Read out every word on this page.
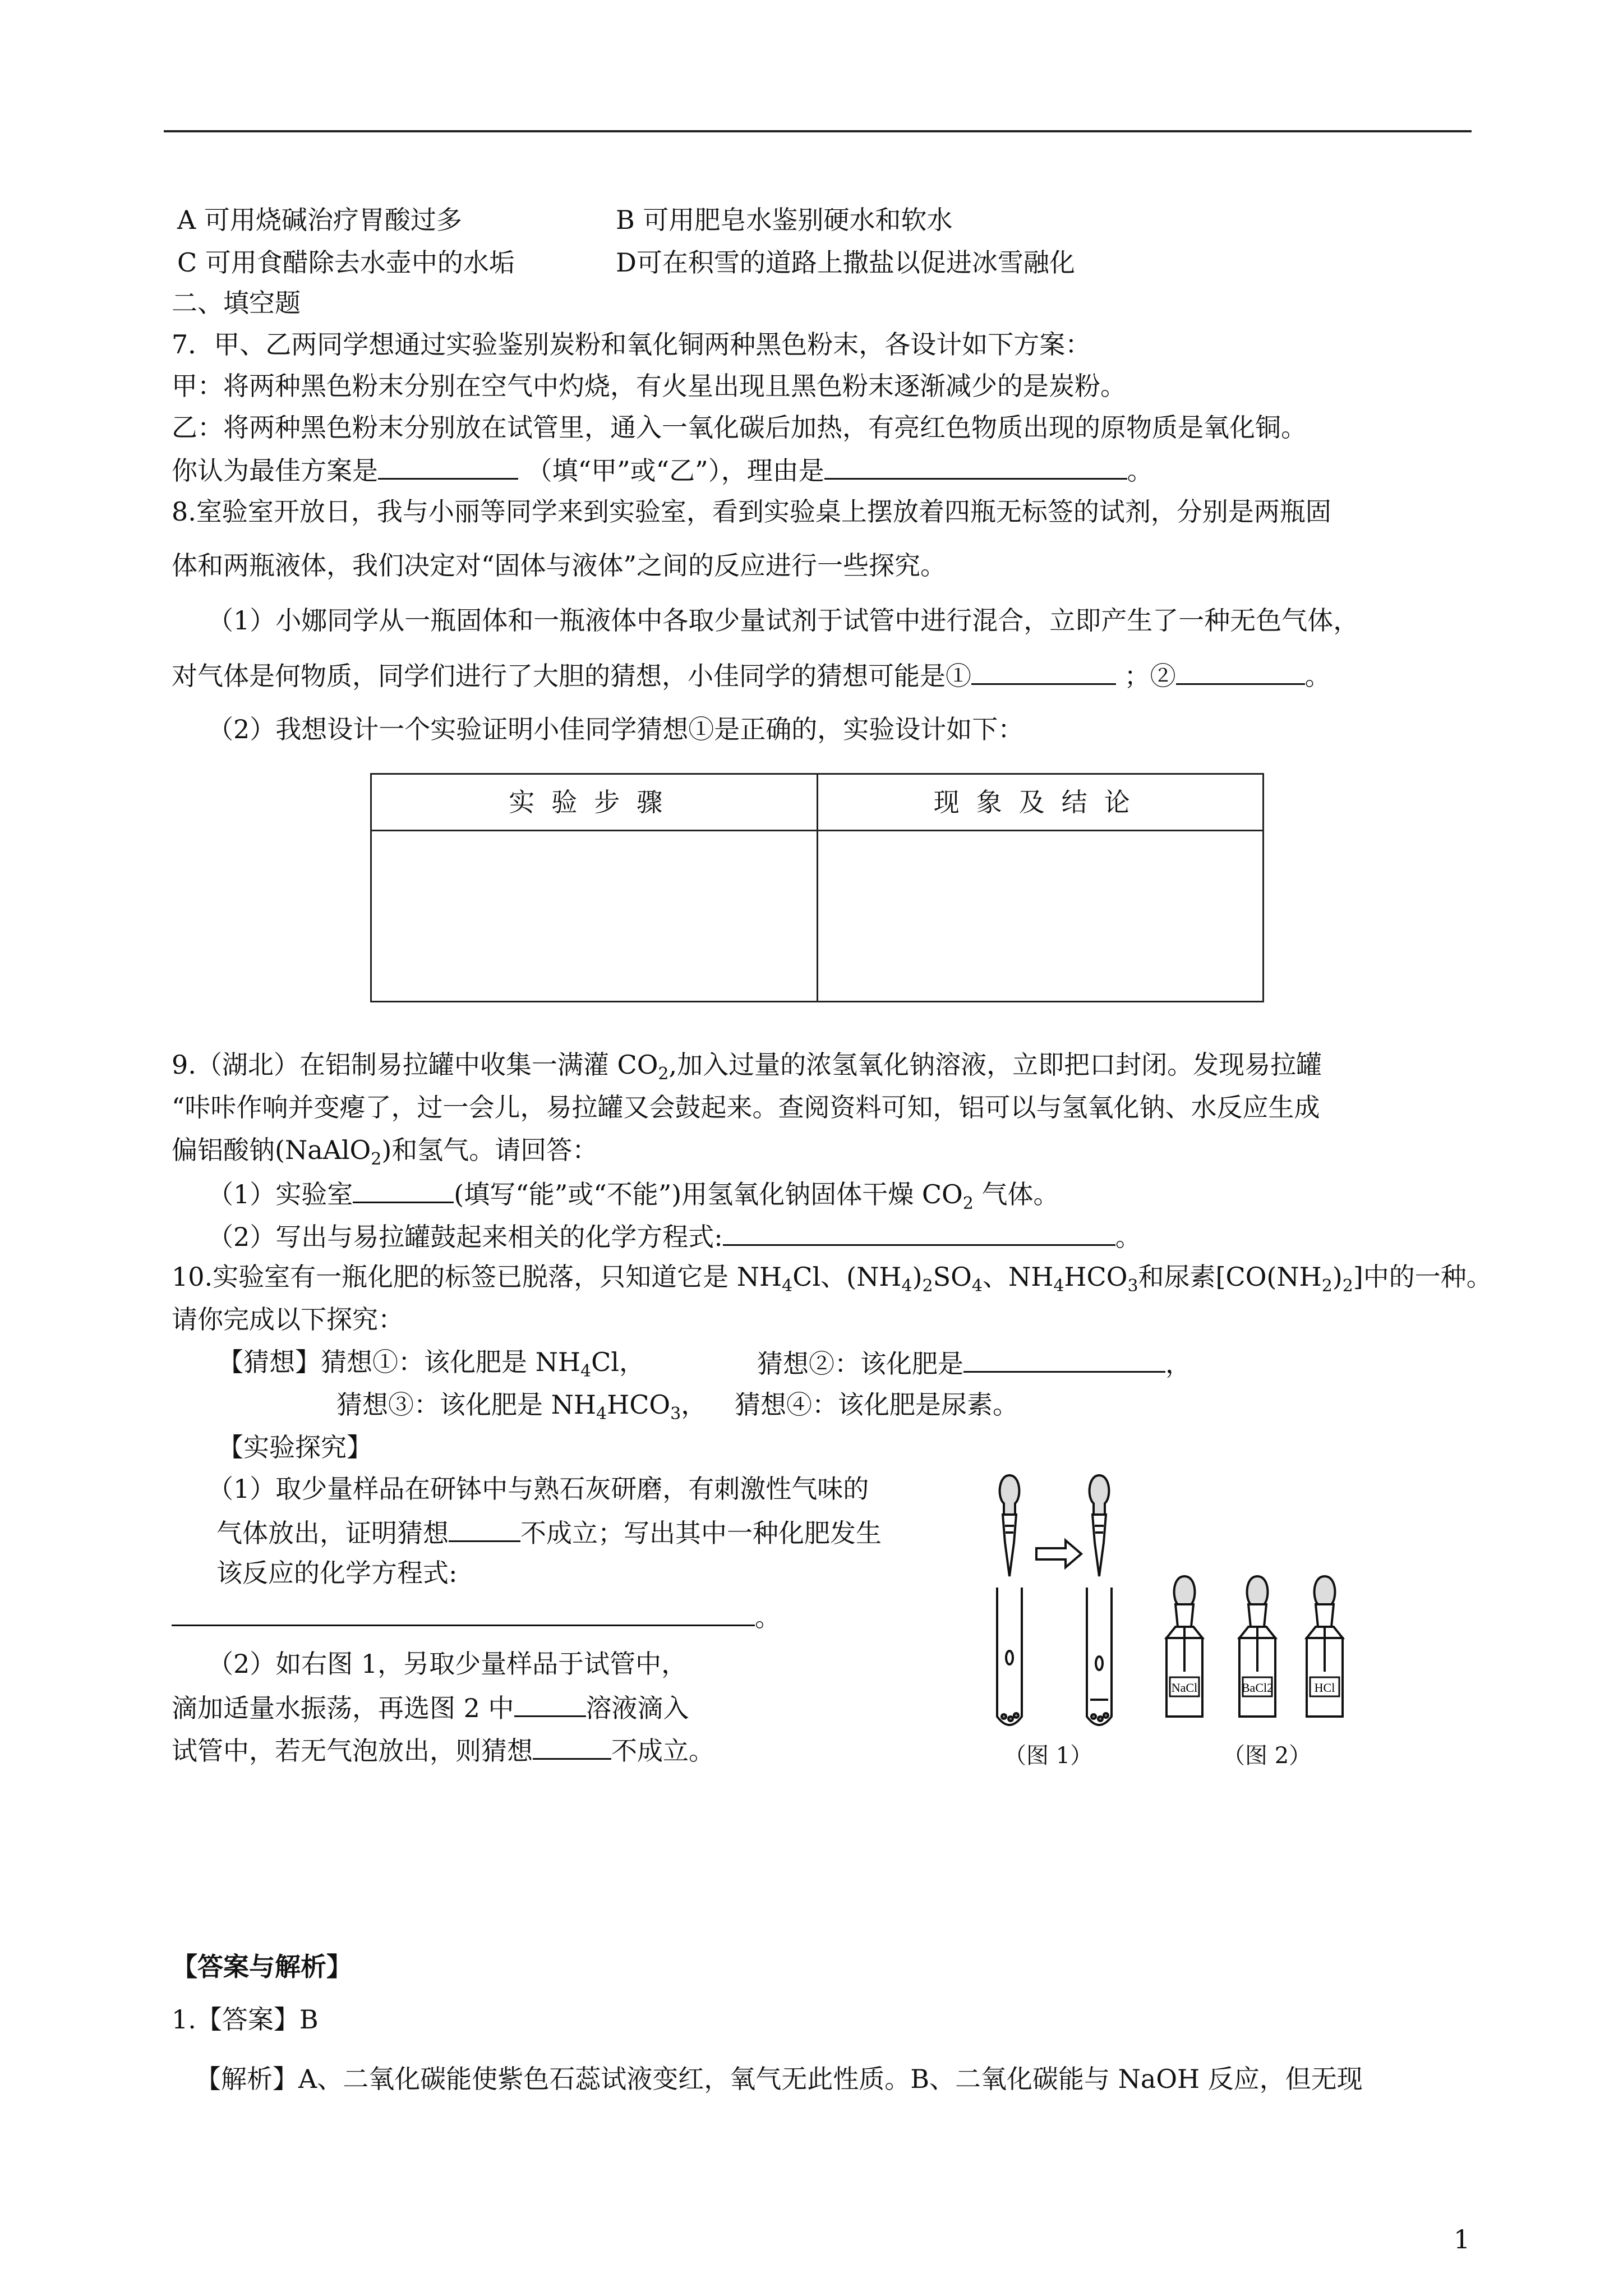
A 可用烧碱治疗胃酸过多	B 可用肥皂水鉴别硬水和软水
C 可用食醋除去水壶中的水垢	D可在积雪的道路上撒盐以促进冰雪融化
二、填空题
7．甲、乙两同学想通过实验鉴别炭粉和氧化铜两种黑色粉末，各设计如下方案：
甲：将两种黑色粉末分别在空气中灼烧，有火星出现且黑色粉末逐渐减少的是炭粉。
乙：将两种黑色粉末分别放在试管里，通入一氧化碳后加热，有亮红色物质出现的原物质是氧化铜。
你认为最佳方案是	（填“甲”或“乙”），理由是	。
8.室验室开放日，我与小丽等同学来到实验室，看到实验桌上摆放着四瓶无标签的试剂，分别是两瓶固
体和两瓶液体，我们决定对“固体与液体”之间的反应进行一些探究。
（1）小娜同学从一瓶固体和一瓶液体中各取少量试剂于试管中进行混合，立即产生了一种无色气体，
对气体是何物质，同学们进行了大胆的猜想，小佳同学的猜想可能是①	；②	。
（2）我想设计一个实验证明小佳同学猜想①是正确的，实验设计如下：
实验步骤	现象及结论

9.（湖北）在铝制易拉罐中收集一满灌 $CO_2$,加入过量的浓氢氧化钠溶液，立即把口封闭。发现易拉罐
“咔咔作响并变瘪了，过一会儿，易拉罐又会鼓起来。查阅资料可知，铝可以与氢氧化钠、水反应生成
偏铝酸钠(NaAlO$_2$)和氢气。请回答：
（1）实验室	(填写“能”或“不能”)用氢氧化钠固体干燥 $CO_2$ 气体。
（2）写出与易拉罐鼓起来相关的化学方程式:	。
10.实验室有一瓶化肥的标签已脱落，只知道它是 $NH_4Cl$、$(NH_4)_2SO_4$、$NH_4HCO_3$和尿素$[CO(NH_2)_2]$中的一种。
请你完成以下探究：
【猜想】猜想①：该化肥是 $NH_4Cl$，	猜想②：该化肥是	，
猜想③：该化肥是 $NH_4HCO_3$， 猜想④：该化肥是尿素。
【实验探究】
（1）取少量样品在研钵中与熟石灰研磨，有刺激性气味的
气体放出，证明猜想	不成立；写出其中一种化肥发生
该反应的化学方程式:
。
（2）如右图 1，另取少量样品于试管中，
滴加适量水振荡，再选图 2 中	溶液滴入
试管中，若无气泡放出，则猜想	不成立。
NaCl	BaCl2	HCl
（图 1）	（图 2）
【答案与解析】
1.【答案】B
【解析】A、二氧化碳能使紫色石蕊试液变红，氧气无此性质。B、二氧化碳能与 NaOH 反应，但无现
1
